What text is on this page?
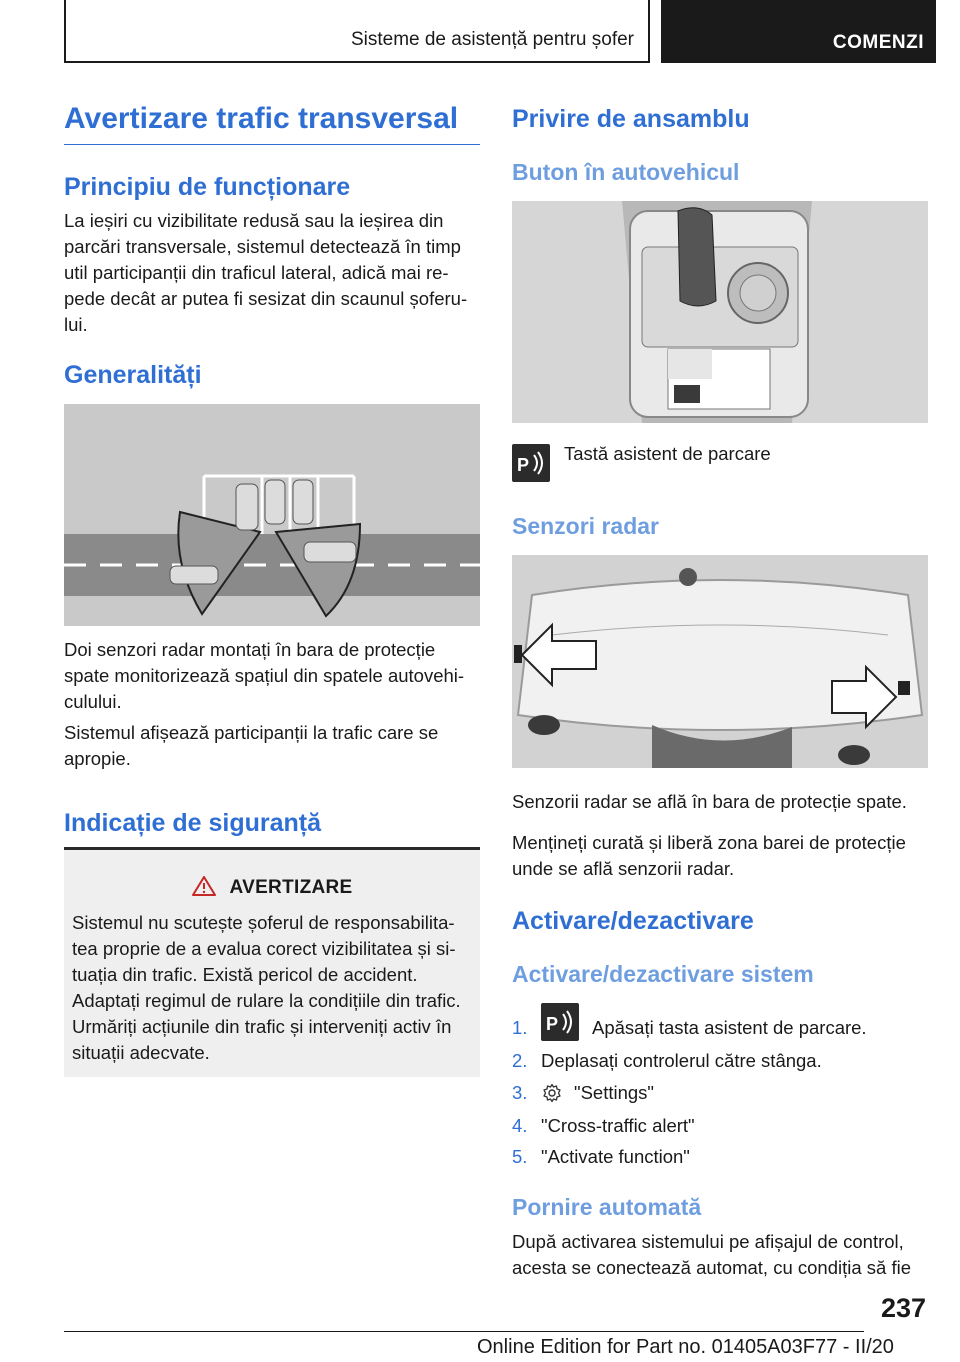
Sisteme de asistență pentru șofer	COMENZI
Avertizare trafic transversal
Principiu de funcționare
La ieșiri cu vizibilitate redusă sau la ieșirea din
parcări transversale, sistemul detectează în timp
util participanții din traficul lateral, adică mai re-
pede decât ar putea fi sesizat din scaunul șoferu-
lui.
Generalități
Doi senzori radar montați în bara de protecție
spate monitorizează spațiul din spatele autovehi-
culului.
Sistemul afișează participanții la trafic care se
apropie.
Indicație de siguranță
AVERTIZARE
Sistemul nu scutește șoferul de responsabilita-
tea proprie de a evalua corect vizibilitatea și si-
tuația din trafic. Există pericol de accident.
Adaptați regimul de rulare la condițiile din trafic.
Urmăriți acțiunile din trafic și interveniți activ în
situații adecvate.
Privire de ansamblu
Buton în autovehicul
P
Tastă asistent de parcare
Senzori radar
Senzorii radar se află în bara de protecție spate.
Mențineți curată și liberă zona barei de protecție
unde se află senzorii radar.
Activare/dezactivare
Activare/dezactivare sistem
1. P Apăsați tasta asistent de parcare.
2. Deplasați controlerul către stânga.
3.	"Settings"
4. "Cross-traffic alert"
5. "Activate function"
Pornire automată
După activarea sistemului pe afișajul de control,
acesta se conectează automat, cu condiția să fie
237
Online Edition for Part no. 01405A03F77 - II/20
